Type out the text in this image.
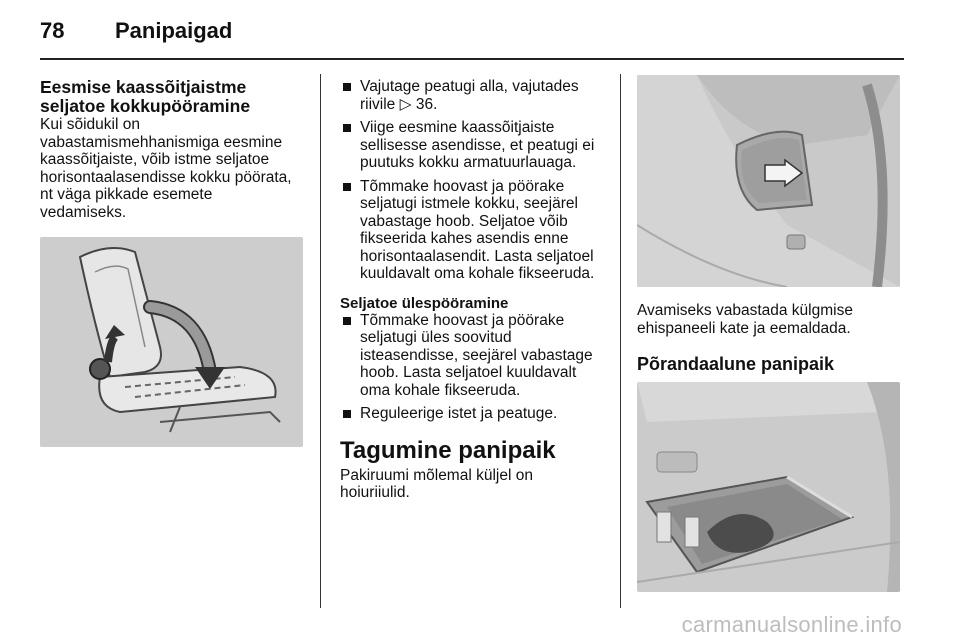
78 Panipaigad
Eesmise kaassõitjaistme
seljatoe kokkupööramine
Kui sõidukil on
vabastamismehhanismiga eesmine
kaassõitjaiste, võib istme seljatoe
horisontaalasendisse kokku pöörata,
nt väga pikkade esemete
vedamiseks.
Vajutage peatugi alla, vajutades
riivile ▷ 36.
Viige eesmine kaassõitjaiste
sellisesse asendisse, et peatugi ei
puutuks kokku armatuurlauaga.
Tõmmake hoovast ja pöörake
seljatugi istmele kokku, seejärel
vabastage hoob. Seljatoe võib
fikseerida kahes asendis enne
horisontaalasendit. Lasta seljatoel
kuuldavalt oma kohale fikseeruda.
Seljatoe ülespööramine
Tõmmake hoovast ja pöörake
seljatugi üles soovitud
isteasendisse, seejärel vabastage
hoob. Lasta seljatoel kuuldavalt
oma kohale fikseeruda.
Reguleerige istet ja peatuge.
Tagumine panipaik
Pakiruumi mõlemal küljel on
hoiuriiulid.
Avamiseks vabastada külgmise
ehispaneeli kate ja eemaldada.
Põrandaalune panipaik
carmanualsonline.info
